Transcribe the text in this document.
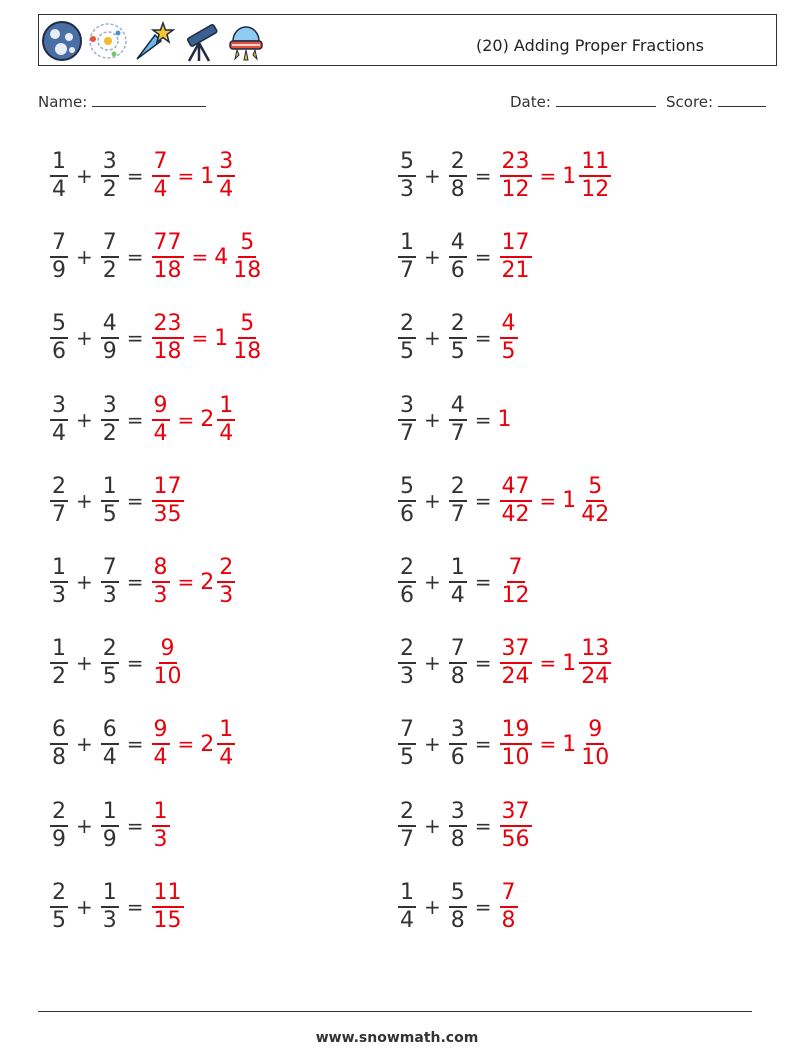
(20) Adding Proper Fractions
Name:	Date:	Score:
$\frac{1}{4} + \frac{3}{2} = \frac{7}{4} = 1 \frac{3}{4}$	$\frac{5}{3} + \frac{2}{8} = \frac{23}{12} = 1 \frac{11}{12}$
$\frac{7}{9} + \frac{7}{2} = \frac{77}{18} = 4 \frac{5}{18}$	$\frac{1}{7} + \frac{4}{6} = \frac{17}{21}$
$\frac{5}{6} + \frac{4}{9} = \frac{23}{18} = 1 \frac{5}{18}$	$\frac{2}{5} + \frac{2}{5} = \frac{4}{5}$
$\frac{3}{4} + \frac{3}{2} = \frac{9}{4} = 2 \frac{1}{4}$	$\frac{3}{7} + \frac{4}{7} = 1$
$\frac{2}{7} + \frac{1}{5} = \frac{17}{35}$	$\frac{5}{6} + \frac{2}{7} = \frac{47}{42} = 1 \frac{5}{42}$
$\frac{1}{3} + \frac{7}{3} = \frac{8}{3} = 2 \frac{2}{3}$	$\frac{2}{6} + \frac{1}{4} = \frac{7}{12}$
$\frac{1}{2} + \frac{2}{5} = \frac{9}{10}$	$\frac{2}{3} + \frac{7}{8} = \frac{37}{24} = 1 \frac{13}{24}$
$\frac{6}{8} + \frac{6}{4} = \frac{9}{4} = 2 \frac{1}{4}$	$\frac{7}{5} + \frac{3}{6} = \frac{19}{10} = 1 \frac{9}{10}$
$\frac{2}{9} + \frac{1}{9} = \frac{1}{3}$	$\frac{2}{7} + \frac{3}{8} = \frac{37}{56}$
$\frac{2}{5} + \frac{1}{3} = \frac{11}{15}$	$\frac{1}{4} + \frac{5}{8} = \frac{7}{8}$
www.snowmath.com
